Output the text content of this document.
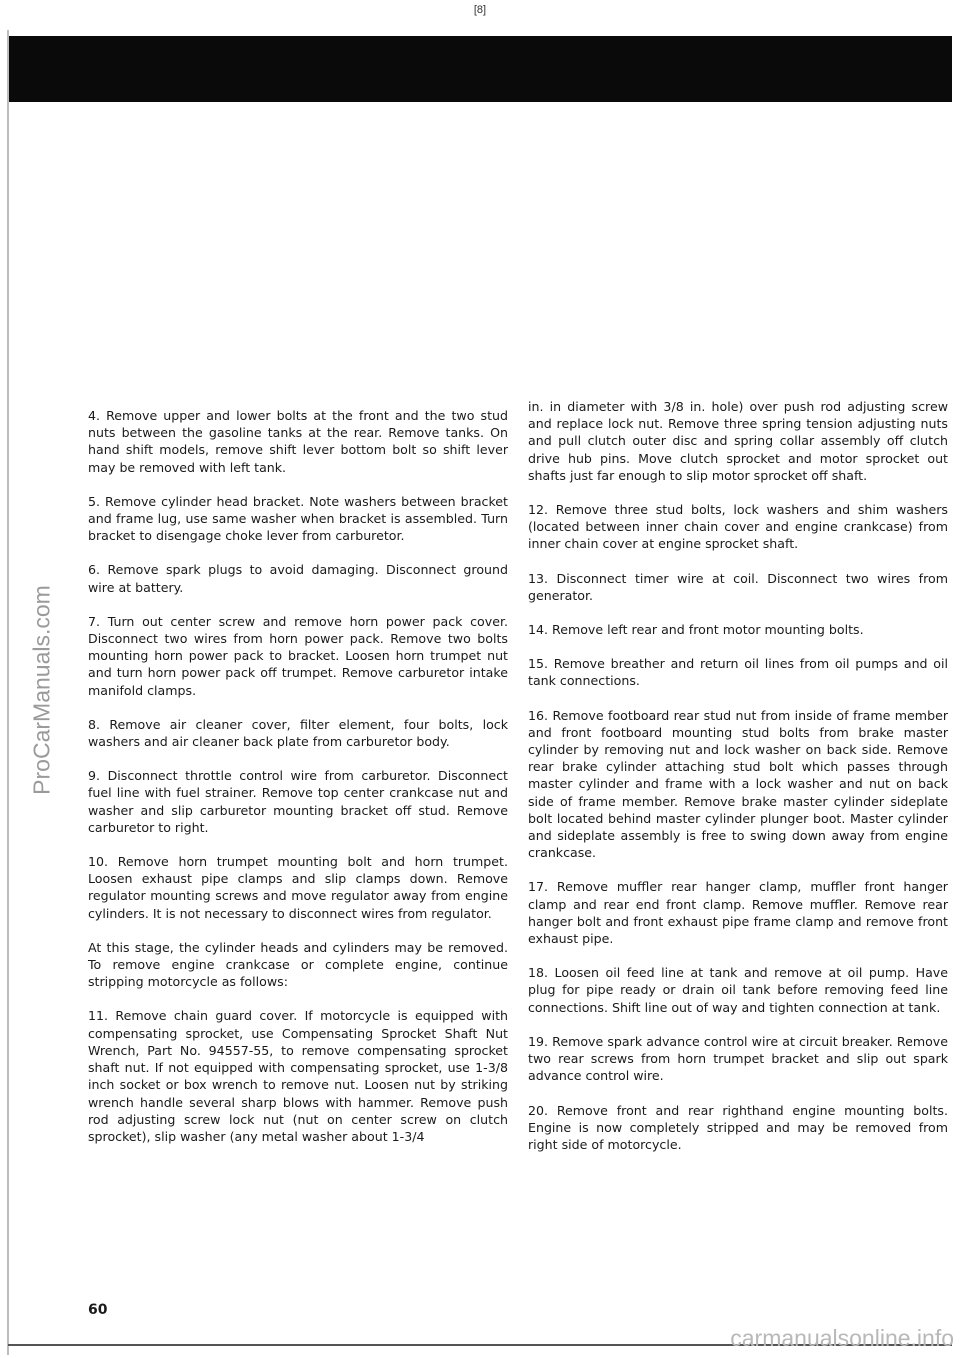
[8]
ProCarManuals.com

4. Remove upper and lower bolts at the front and the two stud nuts between the gasoline tanks at the rear. Remove tanks. On hand shift models, remove shift lever bottom bolt so shift lever may be removed with left tank.

5. Remove cylinder head bracket. Note washers between bracket and frame lug, use same washer when bracket is assembled. Turn bracket to disengage choke lever from carburetor.

6. Remove spark plugs to avoid damaging. Disconnect ground wire at battery.

7. Turn out center screw and remove horn power pack cover. Disconnect two wires from horn power pack. Remove two bolts mounting horn power pack to bracket. Loosen horn trumpet nut and turn horn power pack off trumpet. Remove carburetor intake manifold clamps.

8. Remove air cleaner cover, filter element, four bolts, lock washers and air cleaner back plate from carburetor body.

9. Disconnect throttle control wire from carburetor. Disconnect fuel line with fuel strainer. Remove top center crankcase nut and washer and slip carburetor mounting bracket off stud. Remove carburetor to right.

10. Remove horn trumpet mounting bolt and horn trumpet. Loosen exhaust pipe clamps and slip clamps down. Remove regulator mounting screws and move regulator away from engine cylinders. It is not necessary to disconnect wires from regulator.

At this stage, the cylinder heads and cylinders may be removed. To remove engine crankcase or complete engine, continue stripping motorcycle as follows:

11. Remove chain guard cover. If motorcycle is equipped with compensating sprocket, use Compensating Sprocket Shaft Nut Wrench, Part No. 94557-55, to remove compensating sprocket shaft nut. If not equipped with compensating sprocket, use 1-3/8 inch socket or box wrench to remove nut. Loosen nut by striking wrench handle several sharp blows with hammer. Remove push rod adjusting screw lock nut (nut on center screw on clutch sprocket), slip washer (any metal washer about 1-3/4

in. in diameter with 3/8 in. hole) over push rod adjusting screw and replace lock nut. Remove three spring tension adjusting nuts and pull clutch outer disc and spring collar assembly off clutch drive hub pins. Move clutch sprocket and motor sprocket out shafts just far enough to slip motor sprocket off shaft.

12. Remove three stud bolts, lock washers and shim washers (located between inner chain cover and engine crankcase) from inner chain cover at engine sprocket shaft.

13. Disconnect timer wire at coil. Disconnect two wires from generator.

14. Remove left rear and front motor mounting bolts.

15. Remove breather and return oil lines from oil pumps and oil tank connections.

16. Remove footboard rear stud nut from inside of frame member and front footboard mounting stud bolts from brake master cylinder by removing nut and lock washer on back side. Remove rear brake cylinder attaching stud bolt which passes through master cylinder and frame with a lock washer and nut on back side of frame member. Remove brake master cylinder sideplate bolt located behind master cylinder plunger boot. Master cylinder and sideplate assembly is free to swing down away from engine crankcase.

17. Remove muffler rear hanger clamp, muffler front hanger clamp and rear end front clamp. Remove muffler. Remove rear hanger bolt and front exhaust pipe frame clamp and remove front exhaust pipe.

18. Loosen oil feed line at tank and remove at oil pump. Have plug for pipe ready or drain oil tank before removing feed line connections. Shift line out of way and tighten connection at tank.

19. Remove spark advance control wire at circuit breaker. Remove two rear screws from horn trumpet bracket and slip out spark advance control wire.

20. Remove front and rear righthand engine mounting bolts. Engine is now completely stripped and may be removed from right side of motorcycle.

60
carmanualsonline.info
